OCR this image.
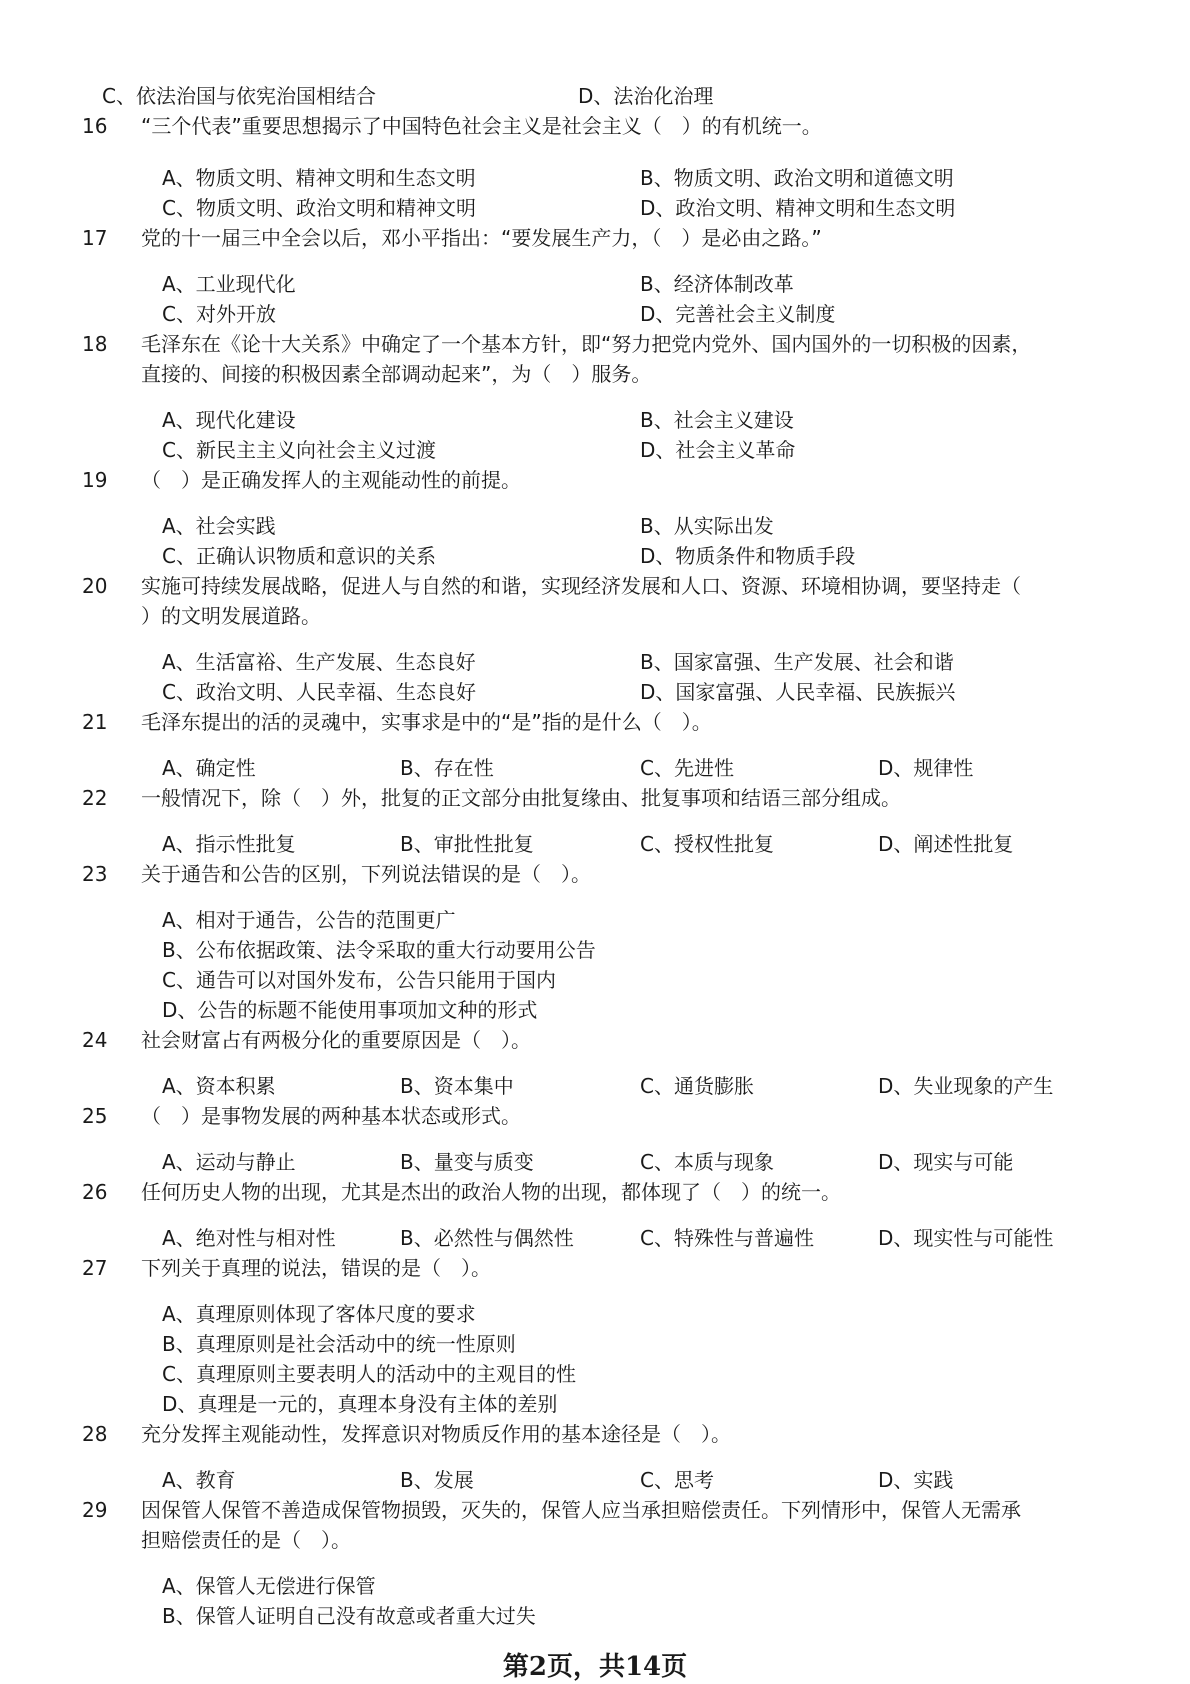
C、依法治国与依宪治国相结合	D、法治化治理
16	“三个代表”重要思想揭示了中国特色社会主义是社会主义（　）的有机统一。
A、物质文明、精神文明和生态文明	B、物质文明、政治文明和道德文明
C、物质文明、政治文明和精神文明	D、政治文明、精神文明和生态文明
17	党的十一届三中全会以后，邓小平指出：“要发展生产力，（　）是必由之路。”
A、工业现代化	B、经济体制改革
C、对外开放	D、完善社会主义制度
18	毛泽东在《论十大关系》中确定了一个基本方针，即“努力把党内党外、国内国外的一切积极的因素，
直接的、间接的积极因素全部调动起来”，为（　）服务。
A、现代化建设	B、社会主义建设
C、新民主主义向社会主义过渡	D、社会主义革命
19	（　）是正确发挥人的主观能动性的前提。
A、社会实践	B、从实际出发
C、正确认识物质和意识的关系	D、物质条件和物质手段
20	实施可持续发展战略，促进人与自然的和谐，实现经济发展和人口、资源、环境相协调，要坚持走（
）的文明发展道路。
A、生活富裕、生产发展、生态良好	B、国家富强、生产发展、社会和谐
C、政治文明、人民幸福、生态良好	D、国家富强、人民幸福、民族振兴
21	毛泽东提出的活的灵魂中，实事求是中的“是”指的是什么（　）。
A、确定性	B、存在性	C、先进性	D、规律性
22	一般情况下，除（　）外，批复的正文部分由批复缘由、批复事项和结语三部分组成。
A、指示性批复	B、审批性批复	C、授权性批复	D、阐述性批复
23	关于通告和公告的区别，下列说法错误的是（　）。
A、相对于通告，公告的范围更广
B、公布依据政策、法令采取的重大行动要用公告
C、通告可以对国外发布，公告只能用于国内
D、公告的标题不能使用事项加文种的形式
24	社会财富占有两极分化的重要原因是（　）。
A、资本积累	B、资本集中	C、通货膨胀	D、失业现象的产生
25	（　）是事物发展的两种基本状态或形式。
A、运动与静止	B、量变与质变	C、本质与现象	D、现实与可能
26	任何历史人物的出现，尤其是杰出的政治人物的出现，都体现了（　）的统一。
A、绝对性与相对性	B、必然性与偶然性	C、特殊性与普遍性	D、现实性与可能性
27	下列关于真理的说法，错误的是（　）。
A、真理原则体现了客体尺度的要求
B、真理原则是社会活动中的统一性原则
C、真理原则主要表明人的活动中的主观目的性
D、真理是一元的，真理本身没有主体的差别
28	充分发挥主观能动性，发挥意识对物质反作用的基本途径是（　）。
A、教育	B、发展	C、思考	D、实践
29	因保管人保管不善造成保管物损毁，灭失的，保管人应当承担赔偿责任。下列情形中，保管人无需承
担赔偿责任的是（　）。
A、保管人无偿进行保管
B、保管人证明自己没有故意或者重大过失
第2页，共14页
